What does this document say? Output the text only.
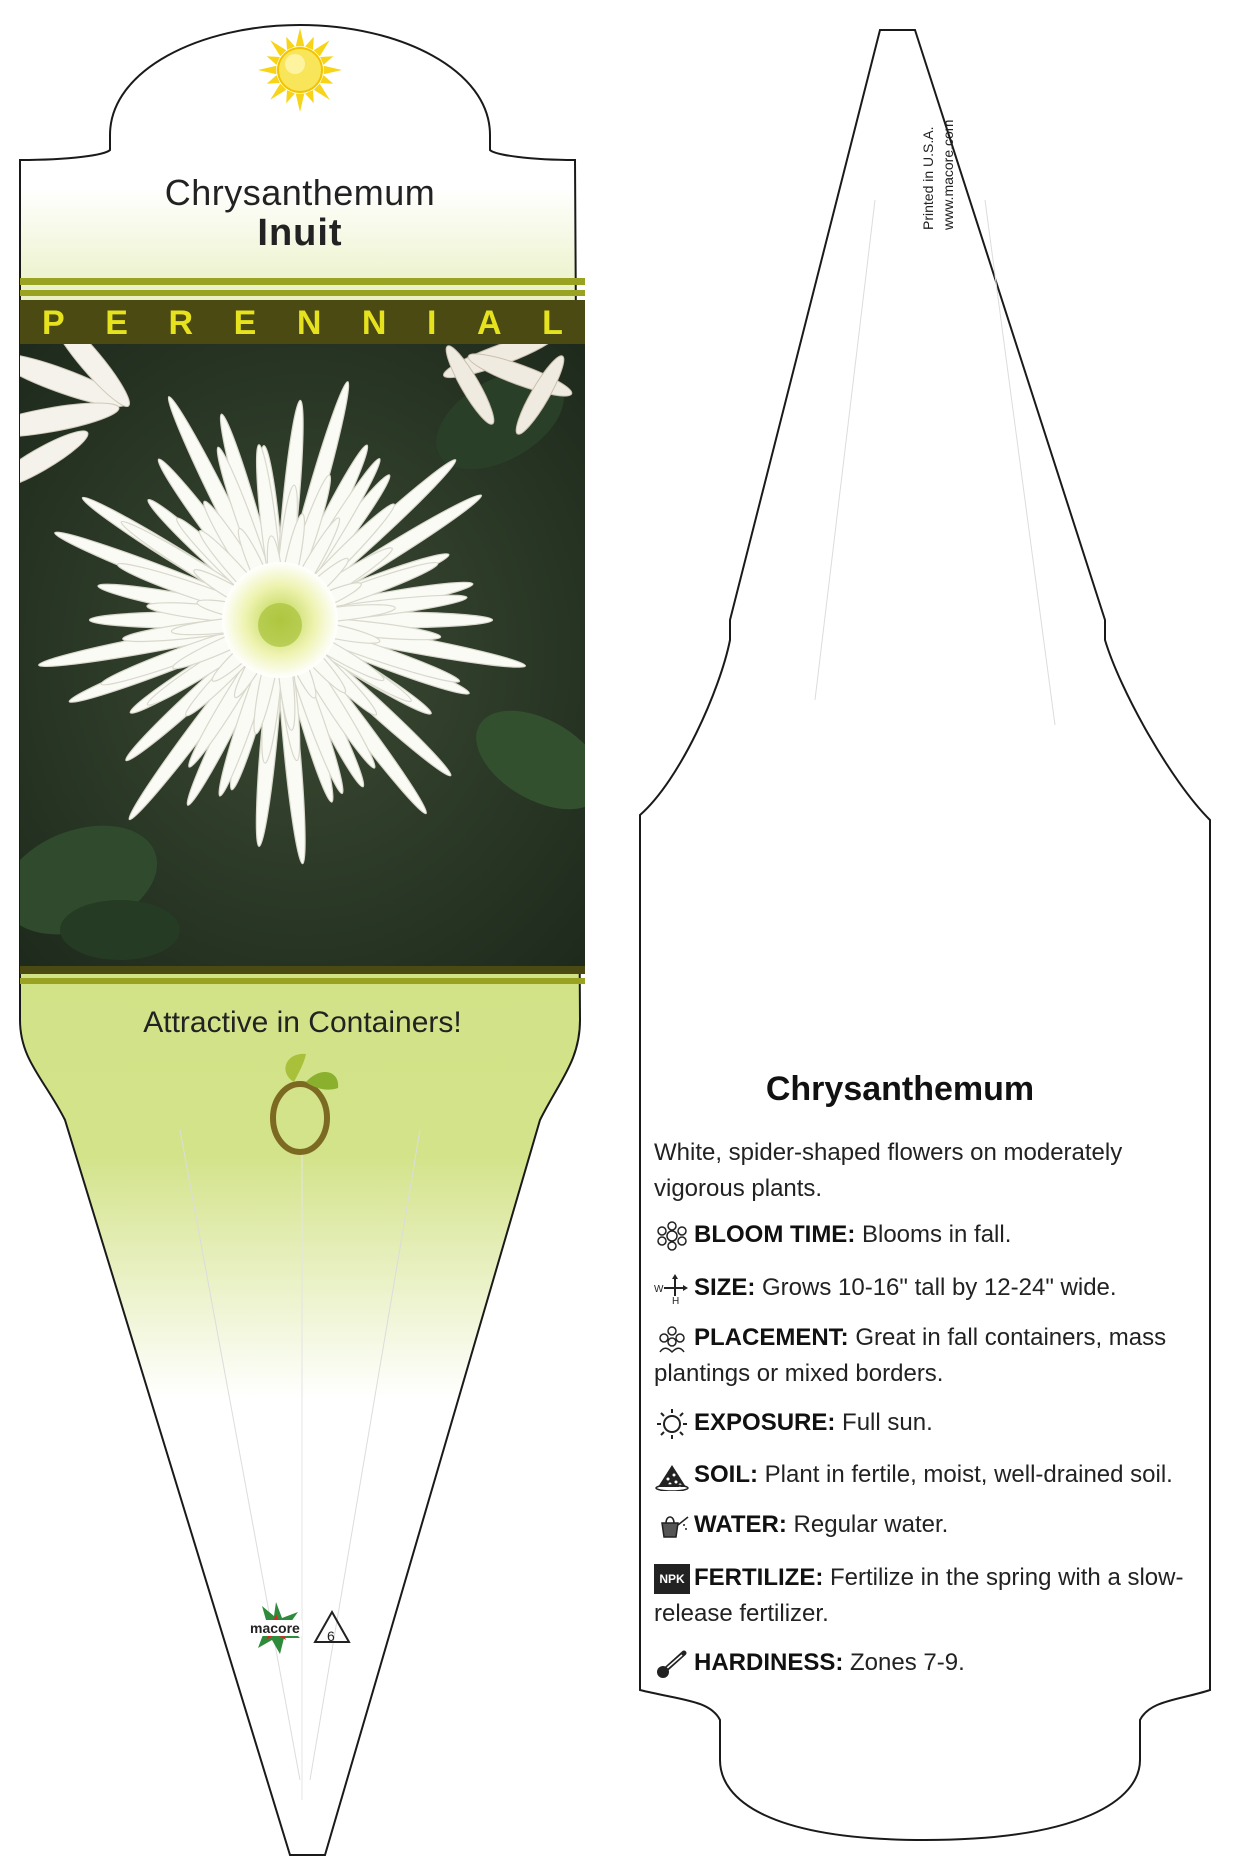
Chrysanthemum
Inuit
P E R E N N I A L
Attractive in Containers!
macore 6
Printed in U.S.A. www.macore.com
Chrysanthemum
White, spider-shaped flowers on moderately vigorous plants.
BLOOM TIME: Blooms in fall.
W
H
SIZE: Grows 10-16" tall by 12-24" wide.
PLACEMENT: Great in fall containers, mass plantings or mixed borders.
EXPOSURE: Full sun.
SOIL: Plant in fertile, moist, well-drained soil.
WATER: Regular water.
NPK FERTILIZE: Fertilize in the spring with a slow-release fertilizer.
HARDINESS: Zones 7-9.
